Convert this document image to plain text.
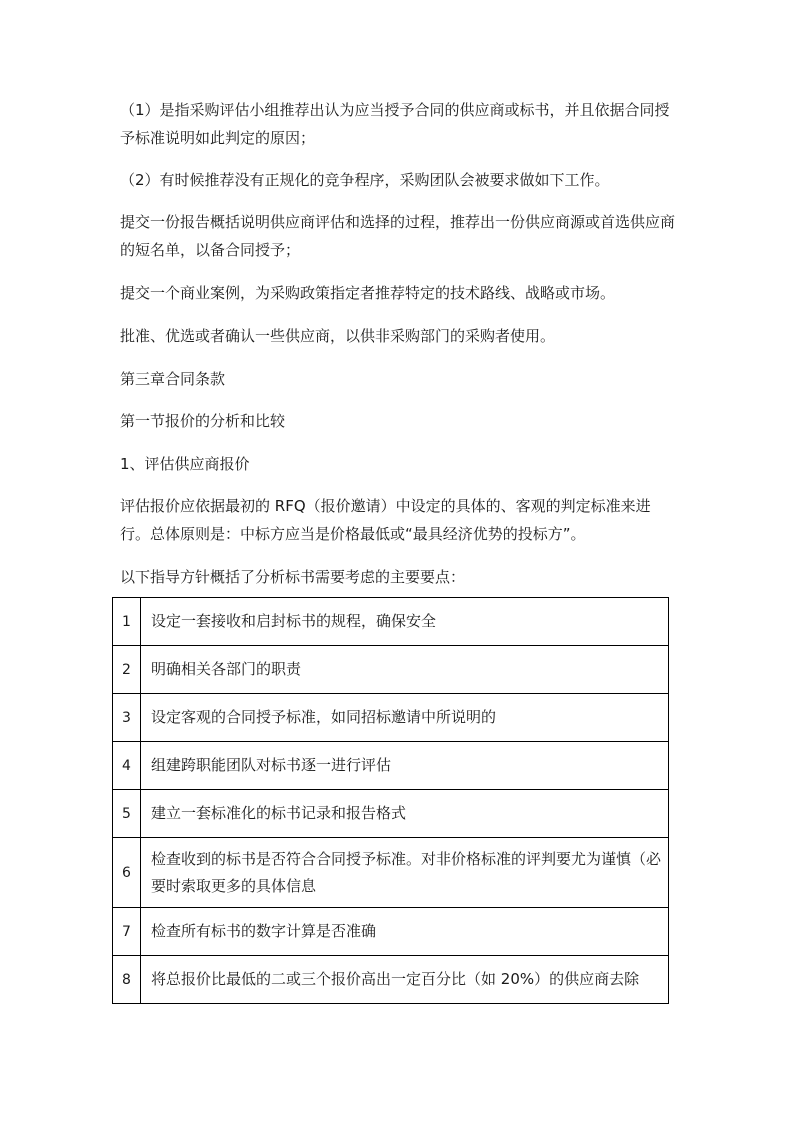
（1）是指采购评估小组推荐出认为应当授予合同的供应商或标书，并且依据合同授予标准说明如此判定的原因；

（2）有时候推荐没有正规化的竞争程序，采购团队会被要求做如下工作。

提交一份报告概括说明供应商评估和选择的过程，推荐出一份供应商源或首选供应商的短名单，以备合同授予；

提交一个商业案例，为采购政策指定者推荐特定的技术路线、战略或市场。

批准、优选或者确认一些供应商，以供非采购部门的采购者使用。

第三章合同条款

第一节报价的分析和比较

1、评估供应商报价

评估报价应依据最初的 RFQ（报价邀请）中设定的具体的、客观的判定标准来进行。总体原则是：中标方应当是价格最低或“最具经济优势的投标方”。

以下指导方针概括了分析标书需要考虑的主要要点：

1	设定一套接收和启封标书的规程，确保安全
2	明确相关各部门的职责
3	设定客观的合同授予标准，如同招标邀请中所说明的
4	组建跨职能团队对标书逐一进行评估
5	建立一套标准化的标书记录和报告格式
6	检查收到的标书是否符合合同授予标准。对非价格标准的评判要尤为谨慎（必要时索取更多的具体信息
7	检查所有标书的数字计算是否准确
8	将总报价比最低的二或三个报价高出一定百分比（如 20%）的供应商去除
